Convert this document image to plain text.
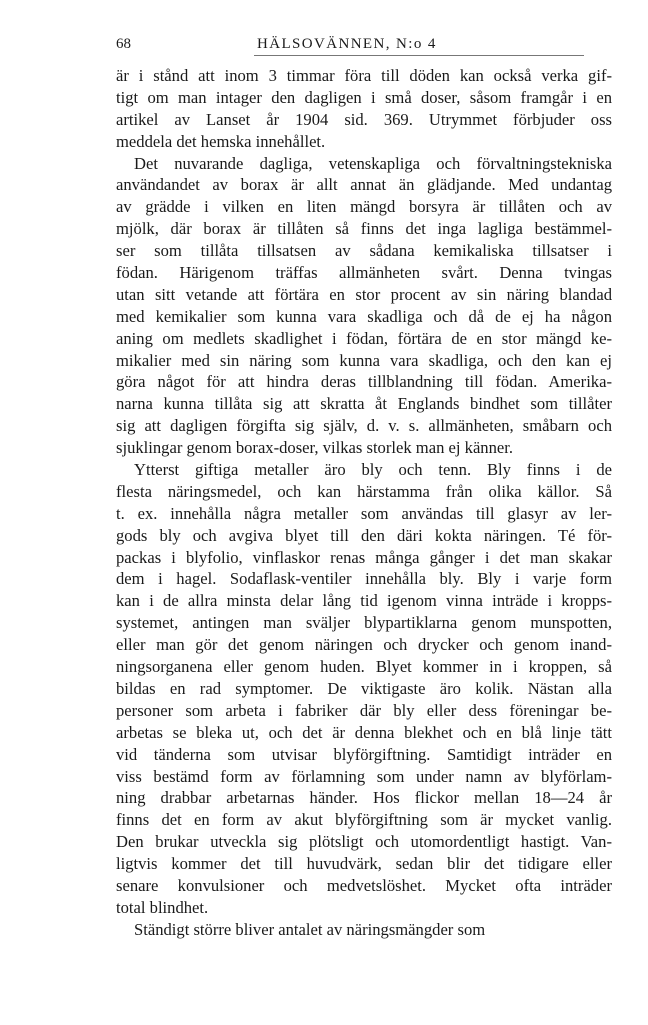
68	HÄLSOVÄNNEN, N:o 4

är i stånd att inom 3 timmar föra till döden kan också verka gif-
tigt om man intager den dagligen i små doser, såsom framgår i en
artikel av Lanset år 1904 sid. 369. Utrymmet förbjuder oss
meddela det hemska innehållet.

Det nuvarande dagliga, vetenskapliga och förvaltningstekniska
användandet av borax är allt annat än glädjande. Med undantag
av grädde i vilken en liten mängd borsyra är tillåten och av
mjölk, där borax är tillåten så finns det inga lagliga bestämmel-
ser som tillåta tillsatsen av sådana kemikaliska tillsatser i
födan. Härigenom träffas allmänheten svårt. Denna tvingas
utan sitt vetande att förtära en stor procent av sin näring blandad
med kemikalier som kunna vara skadliga och då de ej ha någon
aning om medlets skadlighet i födan, förtära de en stor mängd ke-
mikalier med sin näring som kunna vara skadliga, och den kan ej
göra något för att hindra deras tillblandning till födan. Amerika-
narna kunna tillåta sig att skratta åt Englands bindhet som tillåter
sig att dagligen förgifta sig själv, d. v. s. allmänheten, småbarn och
sjuklingar genom borax-doser, vilkas storlek man ej känner.

Ytterst giftiga metaller äro bly och tenn. Bly finns i de
flesta näringsmedel, och kan härstamma från olika källor. Så
t. ex. innehålla några metaller som användas till glasyr av ler-
gods bly och avgiva blyet till den däri kokta näringen. Té för-
packas i blyfolio, vinflaskor renas många gånger i det man skakar
dem i hagel. Sodaflask-ventiler innehålla bly. Bly i varje form
kan i de allra minsta delar lång tid igenom vinna inträde i kropps-
systemet, antingen man sväljer blypartiklarna genom munspotten,
eller man gör det genom näringen och drycker och genom inand-
ningsorganena eller genom huden. Blyet kommer in i kroppen, så
bildas en rad symptomer. De viktigaste äro kolik. Nästan alla
personer som arbeta i fabriker där bly eller dess föreningar be-
arbetas se bleka ut, och det är denna blekhet och en blå linje tätt
vid tänderna som utvisar blyförgiftning. Samtidigt inträder en
viss bestämd form av förlamning som under namn av blyförlam-
ning drabbar arbetarnas händer. Hos flickor mellan 18—24 år
finns det en form av akut blyförgiftning som är mycket vanlig.
Den brukar utveckla sig plötsligt och utomordentligt hastigt. Van-
ligtvis kommer det till huvudvärk, sedan blir det tidigare eller
senare konvulsioner och medvetslöshet. Mycket ofta inträder
total blindhet.

Ständigt större bliver antalet av näringsmängder som
